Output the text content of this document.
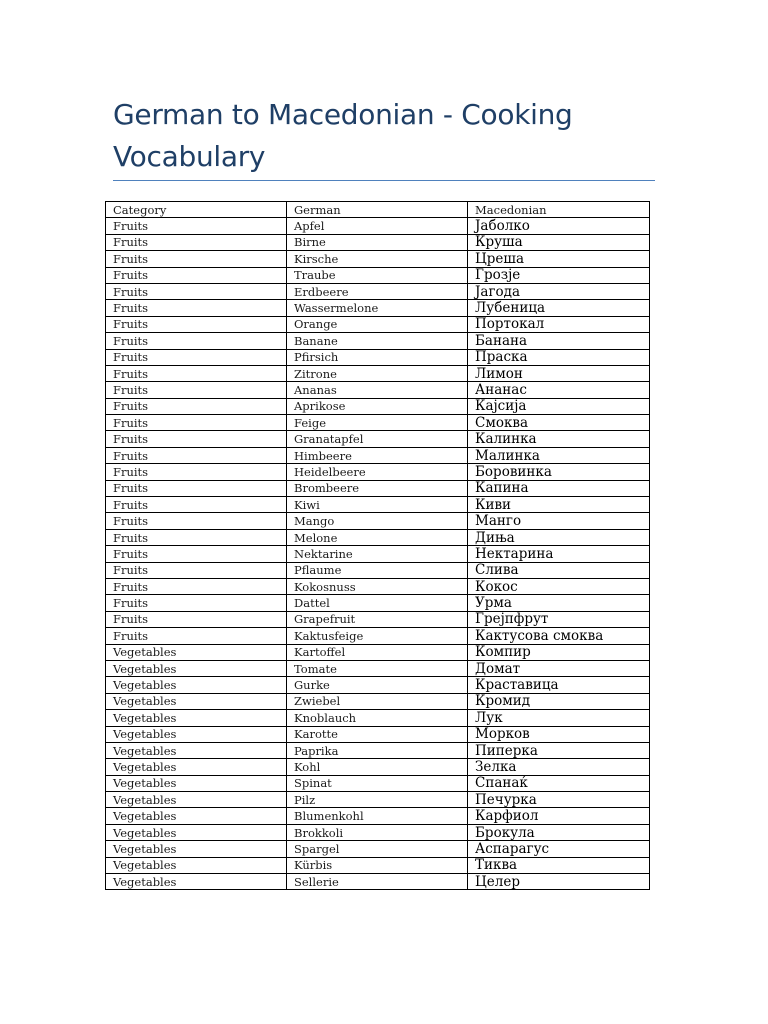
German to Macedonian - Cooking Vocabulary
Category	German	Macedonian
Fruits	Apfel	Јаболко
Fruits	Birne	Круша
Fruits	Kirsche	Цреша
Fruits	Traube	Грозје
Fruits	Erdbeere	Јагода
Fruits	Wassermelone	Лубеница
Fruits	Orange	Портокал
Fruits	Banane	Банана
Fruits	Pfirsich	Праска
Fruits	Zitrone	Лимон
Fruits	Ananas	Ананас
Fruits	Aprikose	Кајсија
Fruits	Feige	Смоква
Fruits	Granatapfel	Калинка
Fruits	Himbeere	Малинка
Fruits	Heidelbeere	Боровинка
Fruits	Brombeere	Капина
Fruits	Kiwi	Киви
Fruits	Mango	Манго
Fruits	Melone	Диња
Fruits	Nektarine	Нектарина
Fruits	Pflaume	Слива
Fruits	Kokosnuss	Кокос
Fruits	Dattel	Урма
Fruits	Grapefruit	Грејпфрут
Fruits	Kaktusfeige	Кактусова смоква
Vegetables	Kartoffel	Компир
Vegetables	Tomate	Домат
Vegetables	Gurke	Краставица
Vegetables	Zwiebel	Кромид
Vegetables	Knoblauch	Лук
Vegetables	Karotte	Морков
Vegetables	Paprika	Пиперка
Vegetables	Kohl	Зелка
Vegetables	Spinat	Спанаќ
Vegetables	Pilz	Печурка
Vegetables	Blumenkohl	Карфиол
Vegetables	Brokkoli	Брокула
Vegetables	Spargel	Аспарагус
Vegetables	Kürbis	Тиква
Vegetables	Sellerie	Целер
